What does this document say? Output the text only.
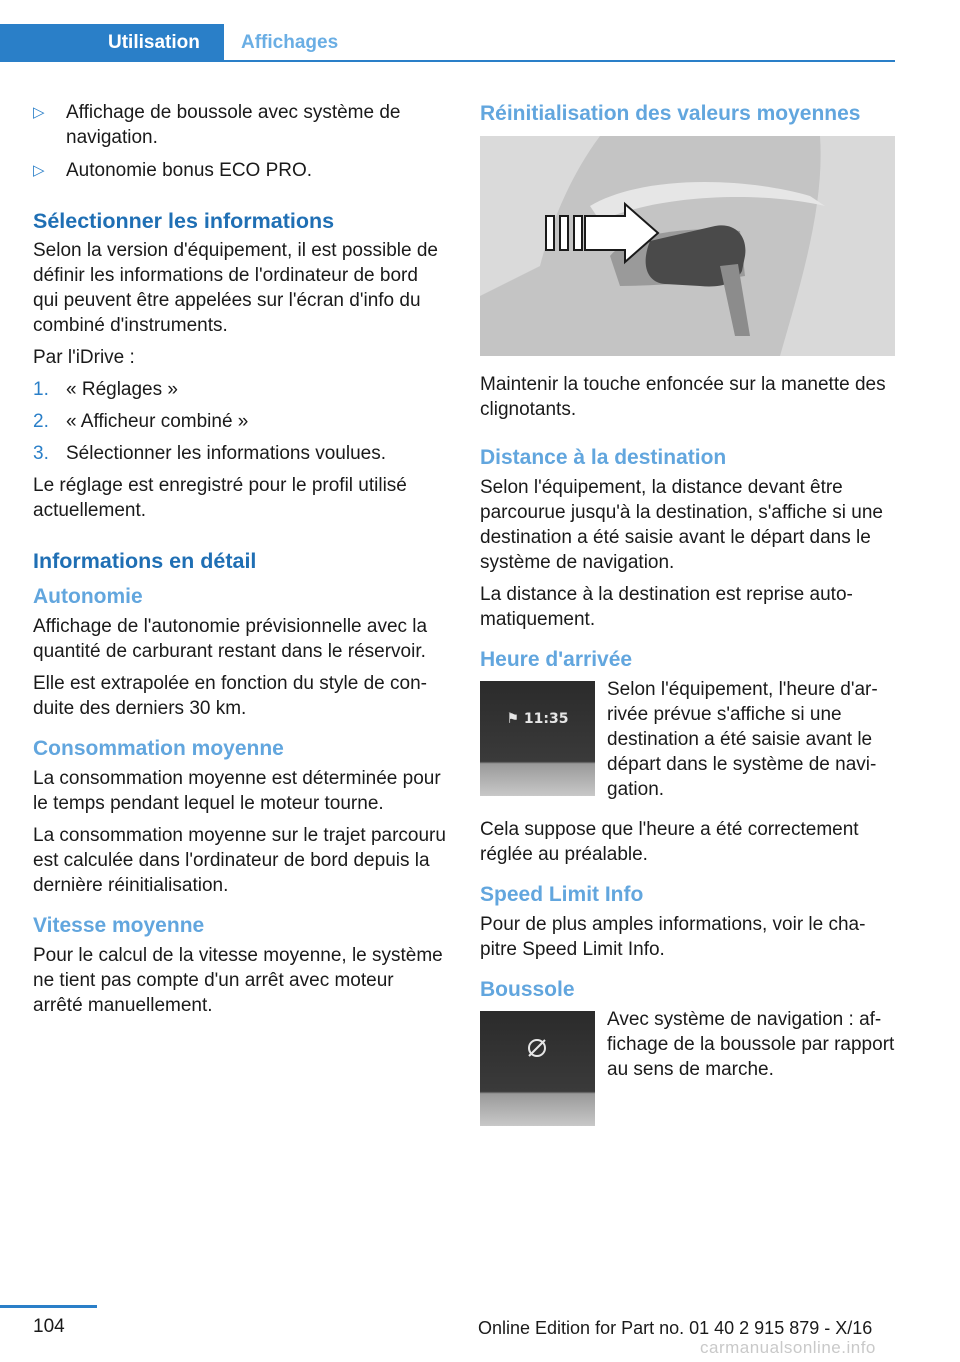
Utilisation	Affichages
▷ Affichage de boussole avec système de navigation.
▷ Autonomie bonus ECO PRO.
Sélectionner les informations

Selon la version d'équipement, il est possible de définir les informations de l'ordinateur de bord qui peuvent être appelées sur l'écran d'info du combiné d'instruments.

Par l'iDrive :

1. « Réglages »
2. « Afficheur combiné »
3. Sélectionner les informations voulues.

Le réglage est enregistré pour le profil utilisé actuellement.

Informations en détail
Autonomie

Affichage de l'autonomie prévisionnelle avec la quantité de carburant restant dans le réservoir.

Elle est extrapolée en fonction du style de conduite des derniers 30 km.

Consommation moyenne

La consommation moyenne est déterminée pour le temps pendant lequel le moteur tourne.

La consommation moyenne sur le trajet parcouru est calculée dans l'ordinateur de bord depuis la dernière réinitialisation.

Vitesse moyenne

Pour le calcul de la vitesse moyenne, le système ne tient pas compte d'un arrêt avec moteur arrêté manuellement.

Réinitialisation des valeurs moyennes

Maintenir la touche enfoncée sur la manette des clignotants.

Distance à la destination

Selon l'équipement, la distance devant être parcourue jusqu'à la destination, s'affiche si une destination a été saisie avant le départ dans le système de navigation.

La distance à la destination est reprise automatiquement.

Heure d'arrivée
⚑ 11:35

Selon l'équipement, l'heure d'arrivée prévue s'affiche si une destination a été saisie avant le départ dans le système de navigation.

Cela suppose que l'heure a été correctement réglée au préalable.

Speed Limit Info

Pour de plus amples informations, voir le chapitre Speed Limit Info.

Boussole

Avec système de navigation : affichage de la boussole par rapport au sens de marche.

104	Online Edition for Part no. 01 40 2 915 879 - X/16
carmanualsonline.info
